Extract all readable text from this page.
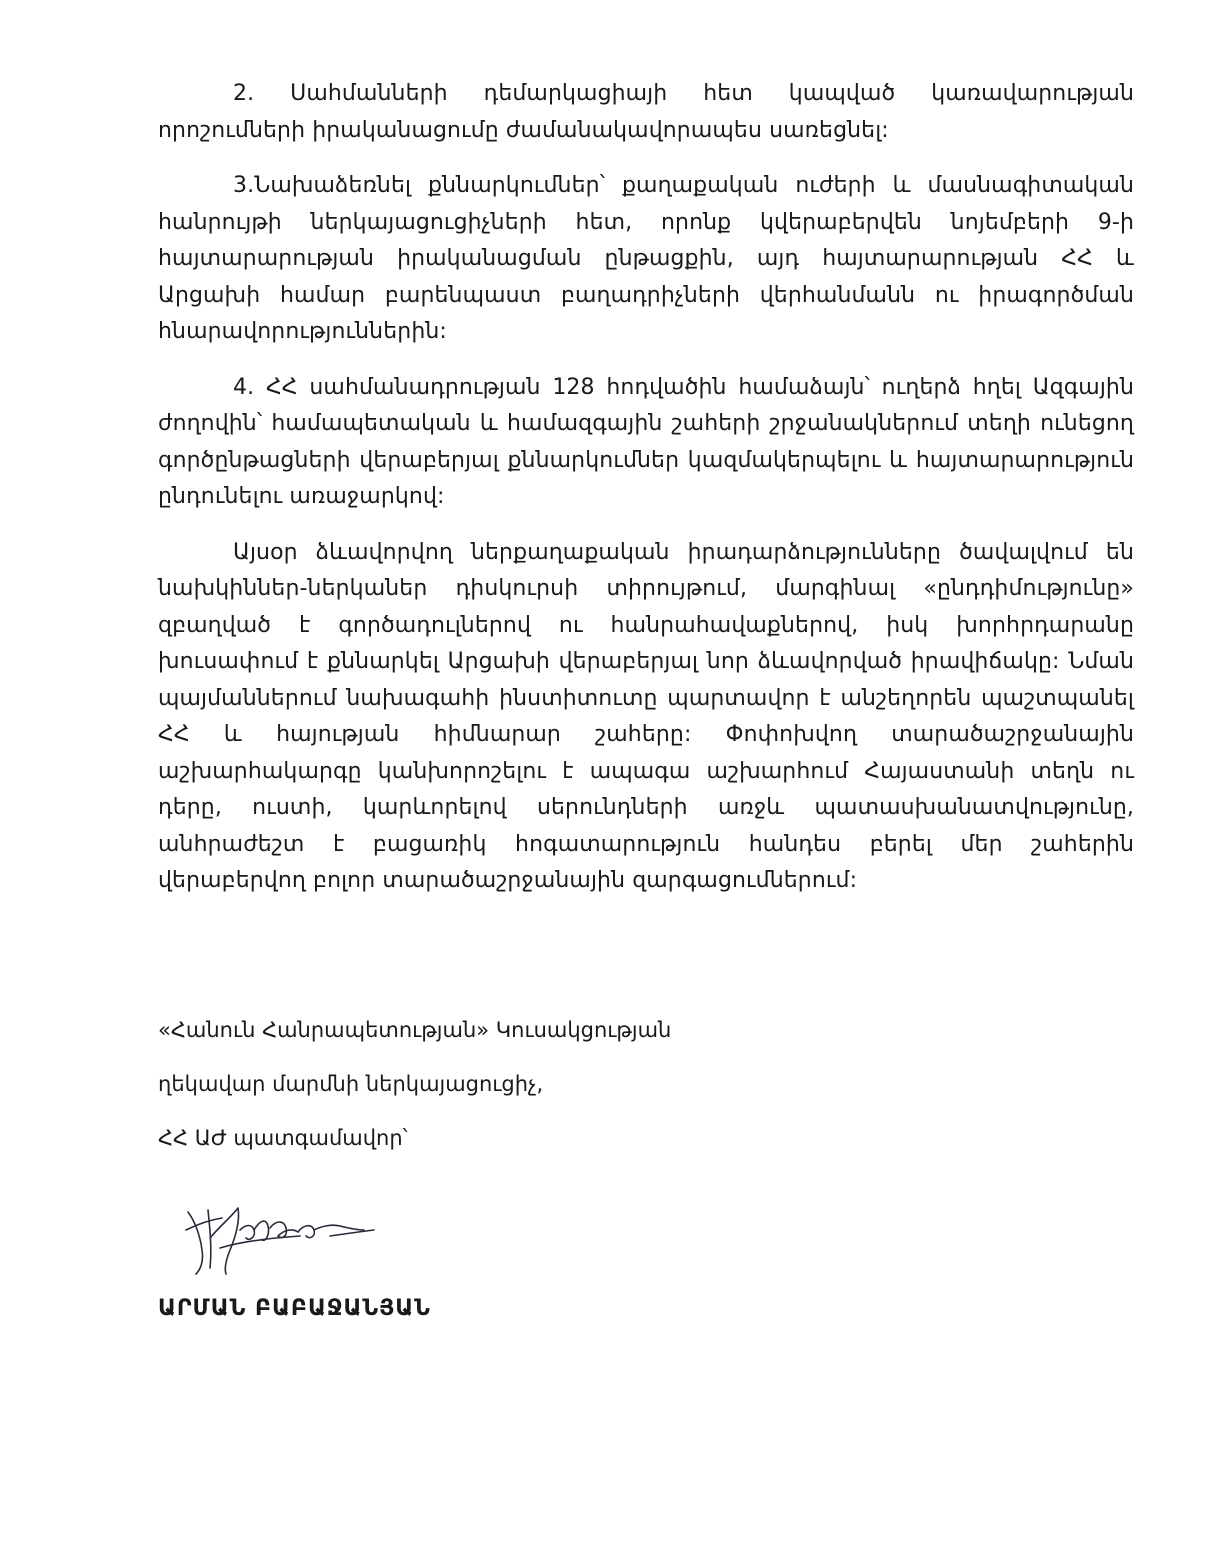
2. Սահմանների դեմարկացիայի հետ կապված կառավարության որոշումների իրականացումը ժամանակավորապես սառեցնել:

3.Նախաձեռնել քննարկումներ՝ քաղաքական ուժերի և մասնագիտական հանրույթի ներկայացուցիչների հետ, որոնք կվերաբերվեն նոյեմբերի 9-ի հայտարարության իրականացման ընթացքին, այդ հայտարարության ՀՀ և Արցախի համար բարենպաստ բաղադրիչների վերհանմանն ու իրագործման հնարավորություններին:

4. ՀՀ սահմանադրության 128 հոդվածին համաձայն՝ ուղերձ հղել Ազգային ժողովին՝ համապետական և համազգային շահերի շրջանակներում տեղի ունեցող գործընթացների վերաբերյալ քննարկումներ կազմակերպելու և հայտարարություն ընդունելու առաջարկով:

Այսօր ձևավորվող ներքաղաքական իրադարձությունները ծավալվում են նախկիններ-ներկաներ դիսկուրսի տիրույթում, մարգինալ «ընդդիմությունը» զբաղված է գործադուլներով ու հանրահավաքներով, իսկ խորհրդարանը խուսափում է քննարկել Արցախի վերաբերյալ նոր ձևավորված իրավիճակը: Նման պայմաններում նախագահի ինստիտուտը պարտավոր է անշեղորեն պաշտպանել ՀՀ և հայության հիմնարար շահերը: Փոփոխվող տարածաշրջանային աշխարհակարգը կանխորոշելու է ապագա աշխարհում Հայաստանի տեղն ու դերը, ուստի, կարևորելով սերունդների առջև պատասխանատվությունը, անհրաժեշտ է բացառիկ հոգատարություն հանդես բերել մեր շահերին վերաբերվող բոլոր տարածաշրջանային զարգացումներում:

«Հանուն Հանրապետության» Կուսակցության

ղեկավար մարմնի ներկայացուցիչ,

ՀՀ ԱԺ պատգամավոր՝

ԱՐՄԱՆ ԲԱԲԱՋԱՆՅԱՆ
